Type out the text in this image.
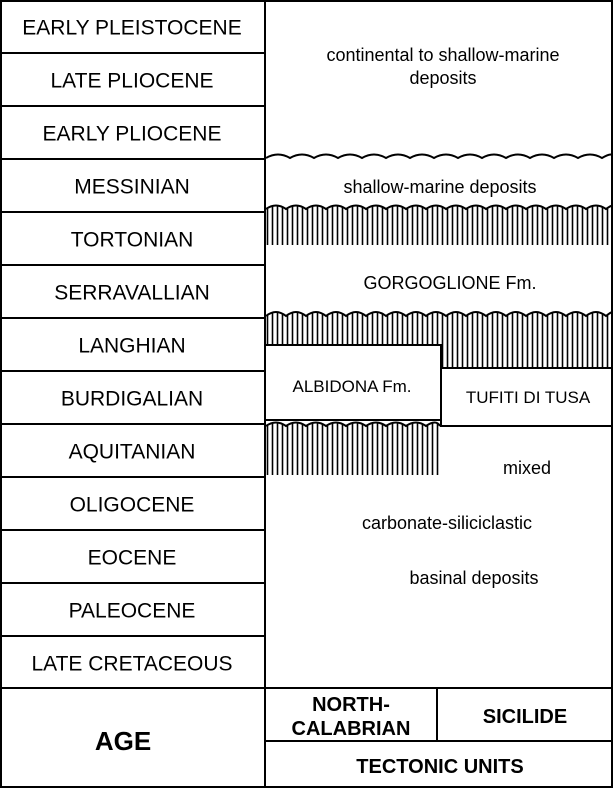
EARLY PLEISTOCENE
LATE PLIOCENE
EARLY PLIOCENE
MESSINIAN
TORTONIAN
SERRAVALLIAN
LANGHIAN
BURDIGALIAN
AQUITANIAN
OLIGOCENE
EOCENE
PALEOCENE
LATE CRETACEOUS
continental to shallow-marine
deposits
shallow-marine deposits
GORGOGLIONE Fm.
ALBIDONA Fm.
TUFITI DI TUSA
mixed
carbonate-siliciclastic
basinal deposits
AGE
NORTH-
CALABRIAN
SICILIDE
TECTONIC UNITS
